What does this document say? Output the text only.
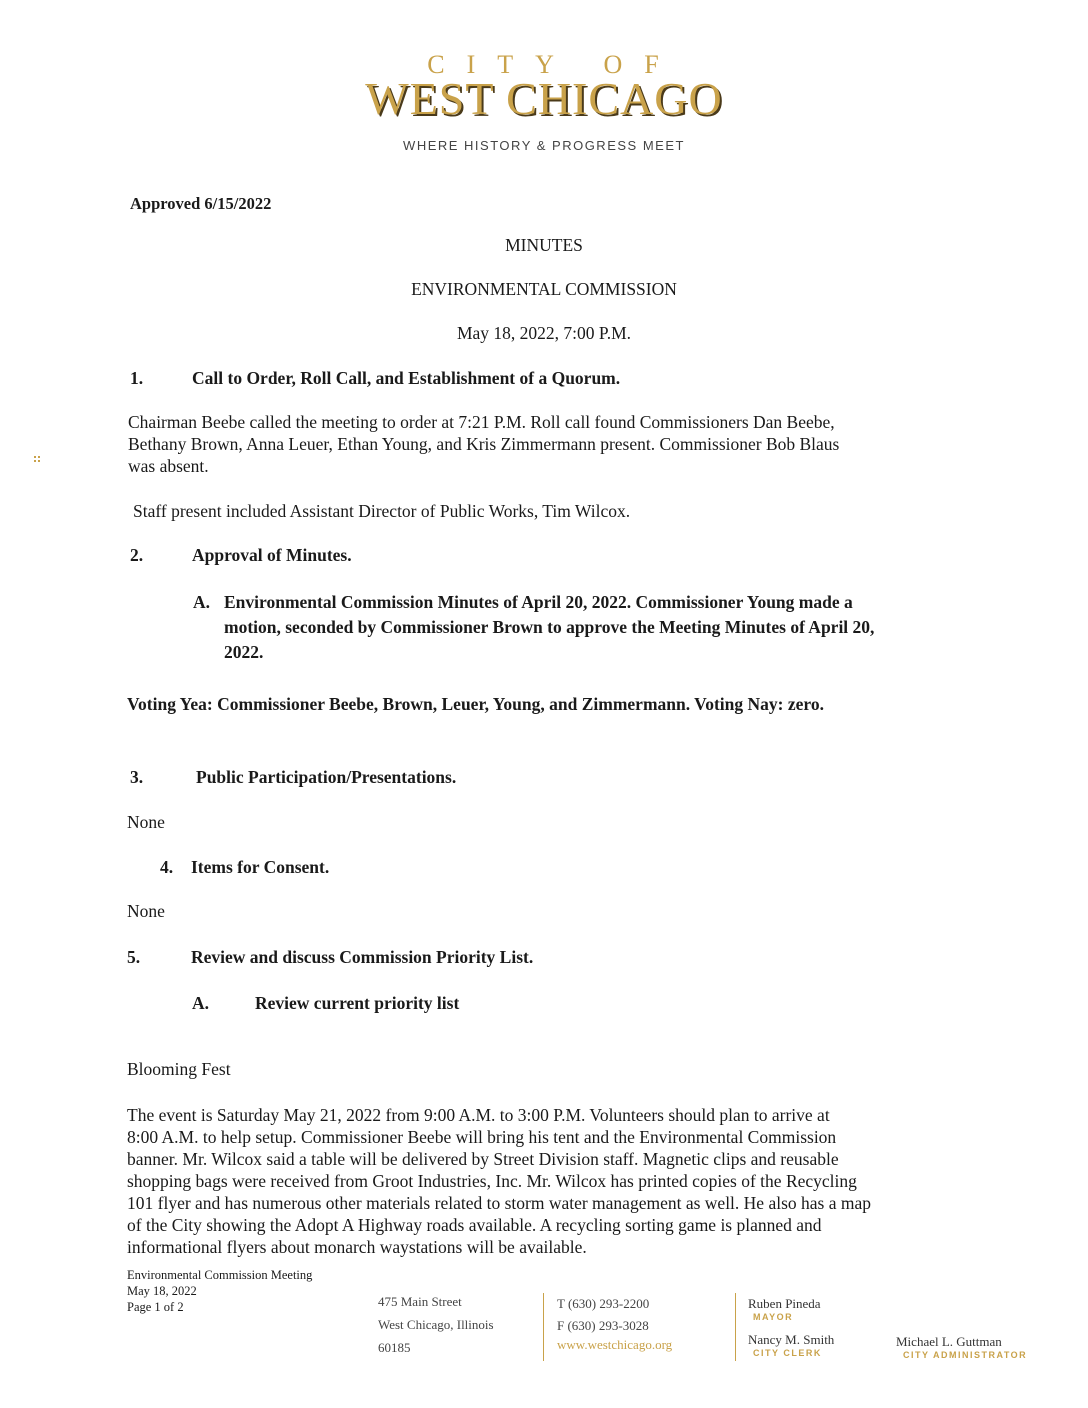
CITY OF
WEST CHICAGO
WHERE HISTORY & PROGRESS MEET
Approved 6/15/2022
MINUTES
ENVIRONMENTAL COMMISSION
May 18, 2022, 7:00 P.M.
1.	Call to Order, Roll Call, and Establishment of a Quorum.
Chairman Beebe called the meeting to order at 7:21 P.M. Roll call found Commissioners Dan Beebe,
Bethany Brown, Anna Leuer, Ethan Young, and Kris Zimmermann present. Commissioner Bob Blaus
was absent.
Staff present included Assistant Director of Public Works, Tim Wilcox.
2.	Approval of Minutes.
A. Environmental Commission Minutes of April 20, 2022. Commissioner Young made a
motion, seconded by Commissioner Brown to approve the Meeting Minutes of April 20,
2022.
Voting Yea: Commissioner Beebe, Brown, Leuer, Young, and Zimmermann. Voting Nay: zero.
3.	Public Participation/Presentations.
None
4. Items for Consent.
None
5.	Review and discuss Commission Priority List.
A.	Review current priority list
Blooming Fest
The event is Saturday May 21, 2022 from 9:00 A.M. to 3:00 P.M. Volunteers should plan to arrive at
8:00 A.M. to help setup. Commissioner Beebe will bring his tent and the Environmental Commission
banner. Mr. Wilcox said a table will be delivered by Street Division staff. Magnetic clips and reusable
shopping bags were received from Groot Industries, Inc. Mr. Wilcox has printed copies of the Recycling
101 flyer and has numerous other materials related to storm water management as well. He also has a map
of the City showing the Adopt A Highway roads available. A recycling sorting game is planned and
informational flyers about monarch waystations will be available.
Environmental Commission Meeting
May 18, 2022
Page 1 of 2	475 Main Street
West Chicago, Illinois
60185
T (630) 293-2200
F (630) 293-3028
www.westchicago.org
Ruben Pineda
MAYOR
Nancy M. Smith
CITY CLERK
Michael L. Guttman
CITY ADMINISTRATOR
